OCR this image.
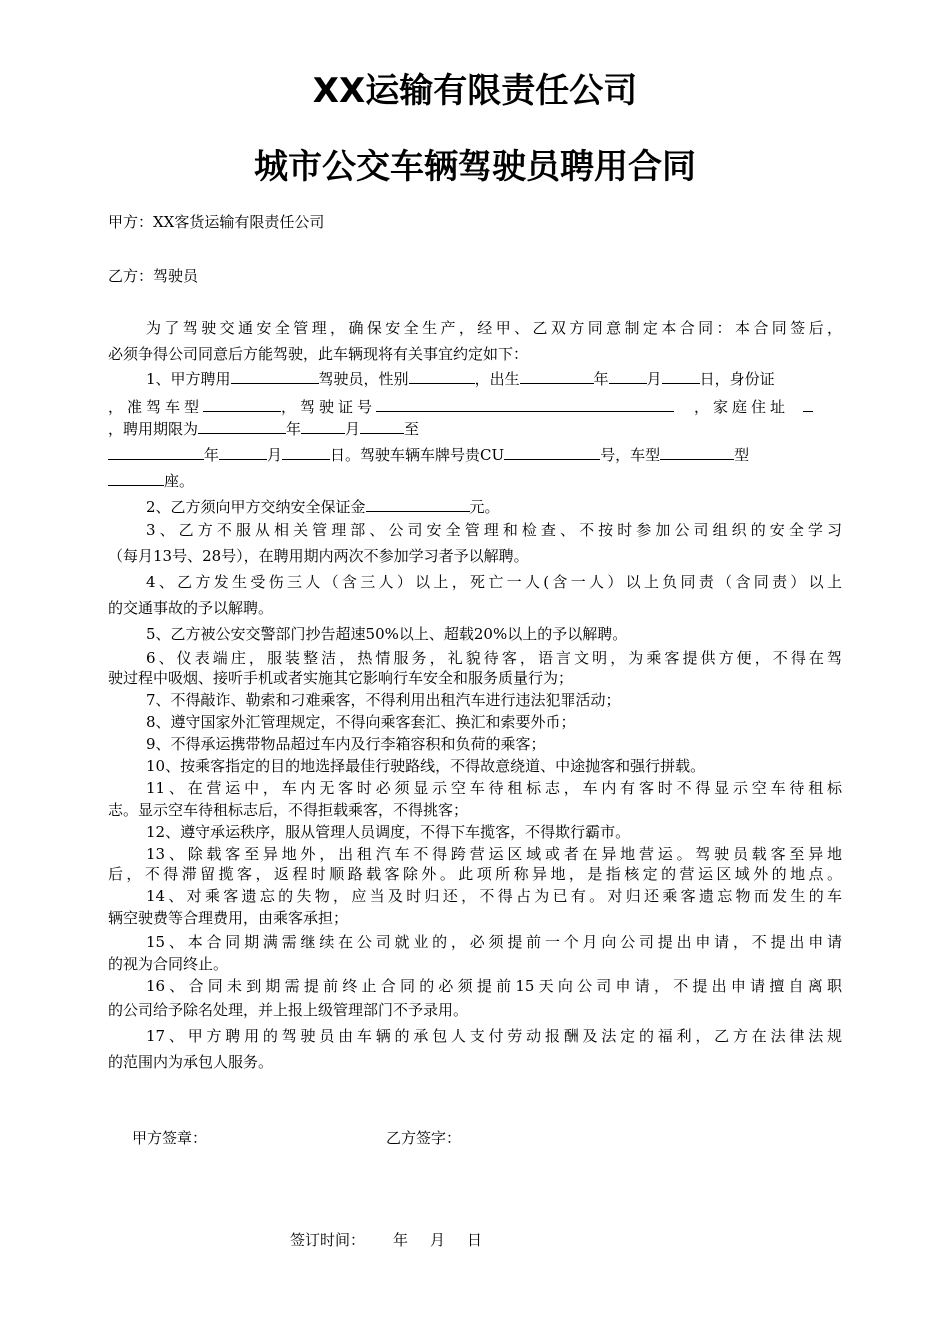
XX运输有限责任公司
城市公交车辆驾驶员聘用合同
甲方：XX客货运输有限责任公司
乙方：驾驶员
为了驾驶交通安全管理，确保安全生产，经甲、乙双方同意制定本合同：本合同签后，
必须争得公司同意后方能驾驶，此车辆现将有关事宜约定如下：
1、甲方聘用	驾驶员，性别	，出生	年	月	日，身份证
，准驾车型	，驾驶证号	，家庭住址
，聘用期限为	年	月	至
年	月	日。驾驶车辆车牌号贵CU	号，车型	型
座。
2、乙方须向甲方交纳安全保证金	元。
3、乙方不服从相关管理部、公司安全管理和检查、不按时参加公司组织的安全学习
（每月13号、28号），在聘用期内两次不参加学习者予以解聘。
4、乙方发生受伤三人（含三人）以上，死亡一人(含一人）以上负同责（含同责）以上
的交通事故的予以解聘。
5、乙方被公安交警部门抄告超速50%以上、超载20%以上的予以解聘。
6、仪表端庄，服装整洁，热情服务，礼貌待客，语言文明，为乘客提供方便，不得在驾
驶过程中吸烟、接听手机或者实施其它影响行车安全和服务质量行为；
7、不得敲诈、勒索和刁难乘客，不得利用出租汽车进行违法犯罪活动；
8、遵守国家外汇管理规定，不得向乘客套汇、换汇和索要外币；
9、不得承运携带物品超过车内及行李箱容积和负荷的乘客；
10、按乘客指定的目的地选择最佳行驶路线，不得故意绕道、中途抛客和强行拼载。
11、在营运中，车内无客时必须显示空车待租标志，车内有客时不得显示空车待租标
志。显示空车待租标志后，不得拒载乘客，不得挑客；
12、遵守承运秩序，服从管理人员调度，不得下车揽客，不得欺行霸市。
13、除载客至异地外，出租汽车不得跨营运区域或者在异地营运。驾驶员载客至异地
后，不得滞留揽客，返程时顺路载客除外。此项所称异地，是指核定的营运区域外的地点。
14、对乘客遗忘的失物，应当及时归还，不得占为已有。对归还乘客遗忘物而发生的车
辆空驶费等合理费用，由乘客承担；
15、本合同期满需继续在公司就业的，必须提前一个月向公司提出申请，不提出申请
的视为合同终止。
16、合同未到期需提前终止合同的必须提前15天向公司申请，不提出申请擅自离职
的公司给予除名处理，并上报上级管理部门不予录用。
17、甲方聘用的驾驶员由车辆的承包人支付劳动报酬及法定的福利，乙方在法律法规
的范围内为承包人服务。
甲方签章：	乙方签字：
签订时间： 年 月 日
